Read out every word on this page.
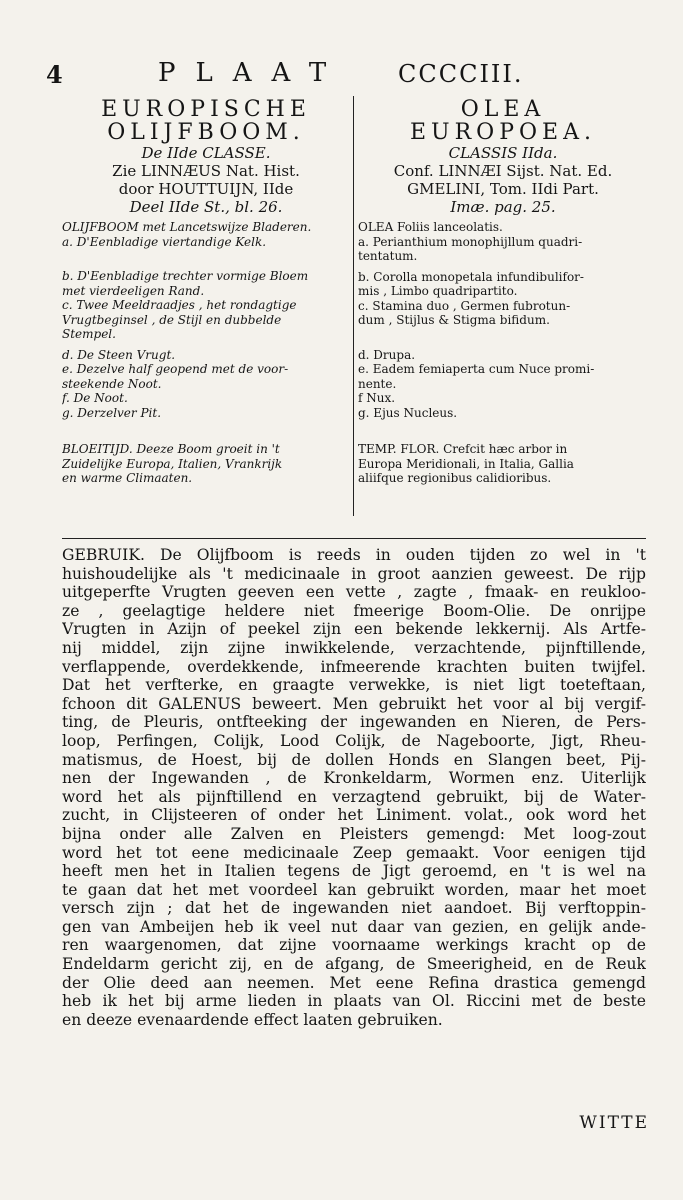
4	PLAAT CCCCIII.
EUROPISCHE
OLIJFBOOM.
De IIde CLASSE.
Zie LINNÆUS Nat. Hist.
door HOUTTUIJN, IIde
Deel IIde St., bl. 26.
OLIJFBOOM met Lancetswijze Bladeren.
a. D'Eenbladige viertandige Kelk.
b. D'Eenbladige trechter vormige Bloem
met vierdeeligen Rand.
c. Twee Meeldraadjes , het rondagtige
Vrugtbeginsel , de Stijl en dubbelde
Stempel.
d. De Steen Vrugt.
e. Dezelve half geopend met de voor-
steekende Noot.
f. De Noot.
g. Derzelver Pit.
BLOEITIJD. Deeze Boom groeit in 't
Zuidelijke Europa, Italien, Vrankrijk
en warme Climaaten.
OLEA
EUROPOEA.
CLASSIS IIda.
Conf. LINNÆI Sijst. Nat. Ed.
GMELINI, Tom. IIdi Part.
Imæ. pag. 25.
OLEA Foliis lanceolatis.
a. Perianthium monophijllum quadri-
tentatum.
b. Corolla monopetala infundibulifor-
mis , Limbo quadripartito.
c. Stamina duo , Germen fubrotun-
dum , Stijlus & Stigma bifidum.
d. Drupa.
e. Eadem femiaperta cum Nuce promi-
nente.
f Nux.
g. Ejus Nucleus.
TEMP. FLOR. Crefcit hæc arbor in
Europa Meridionali, in Italia, Gallia
aliifque regionibus calidioribus.
GEBRUIK. De Olijfboom is reeds in ouden tijden zo wel in 't
huishoudelijke als 't medicinaale in groot aanzien geweest. De rijp
uitgeperfte Vrugten geeven een vette , zagte , fmaak- en reukloo-
ze , geelagtige heldere niet fmeerige Boom-Olie. De onrijpe
Vrugten in Azijn of peekel zijn een bekende lekkernij. Als Artfe-
nij middel, zijn zijne inwikkelende, verzachtende, pijnftillende,
verflappende, overdekkende, infmeerende krachten buiten twijfel.
Dat het verfterke, en graagte verwekke, is niet ligt toeteftaan,
fchoon dit GALENUS beweert. Men gebruikt het voor al bij vergif-
ting, de Pleuris, ontfteeking der ingewanden en Nieren, de Pers-
loop, Perfingen, Colijk, Lood Colijk, de Nageboorte, Jigt, Rheu-
matismus, de Hoest, bij de dollen Honds en Slangen beet, Pij-
nen der Ingewanden , de Kronkeldarm, Wormen enz. Uiterlijk
word het als pijnftillend en verzagtend gebruikt, bij de Water-
zucht, in Clijsteeren of onder het Liniment. volat., ook word het
bijna onder alle Zalven en Pleisters gemengd: Met loog-zout
word het tot eene medicinaale Zeep gemaakt. Voor eenigen tijd
heeft men het in Italien tegens de Jigt geroemd, en 't is wel na
te gaan dat het met voordeel kan gebruikt worden, maar het moet
versch zijn ; dat het de ingewanden niet aandoet. Bij verftoppin-
gen van Ambeijen heb ik veel nut daar van gezien, en gelijk ande-
ren waargenomen, dat zijne voornaame werkings kracht op de
Endeldarm gericht zij, en de afgang, de Smeerigheid, en de Reuk
der Olie deed aan neemen. Met eene Refina drastica gemengd
heb ik het bij arme lieden in plaats van Ol. Riccini met de beste
en deeze evenaardende effect laaten gebruiken.
WITTE
